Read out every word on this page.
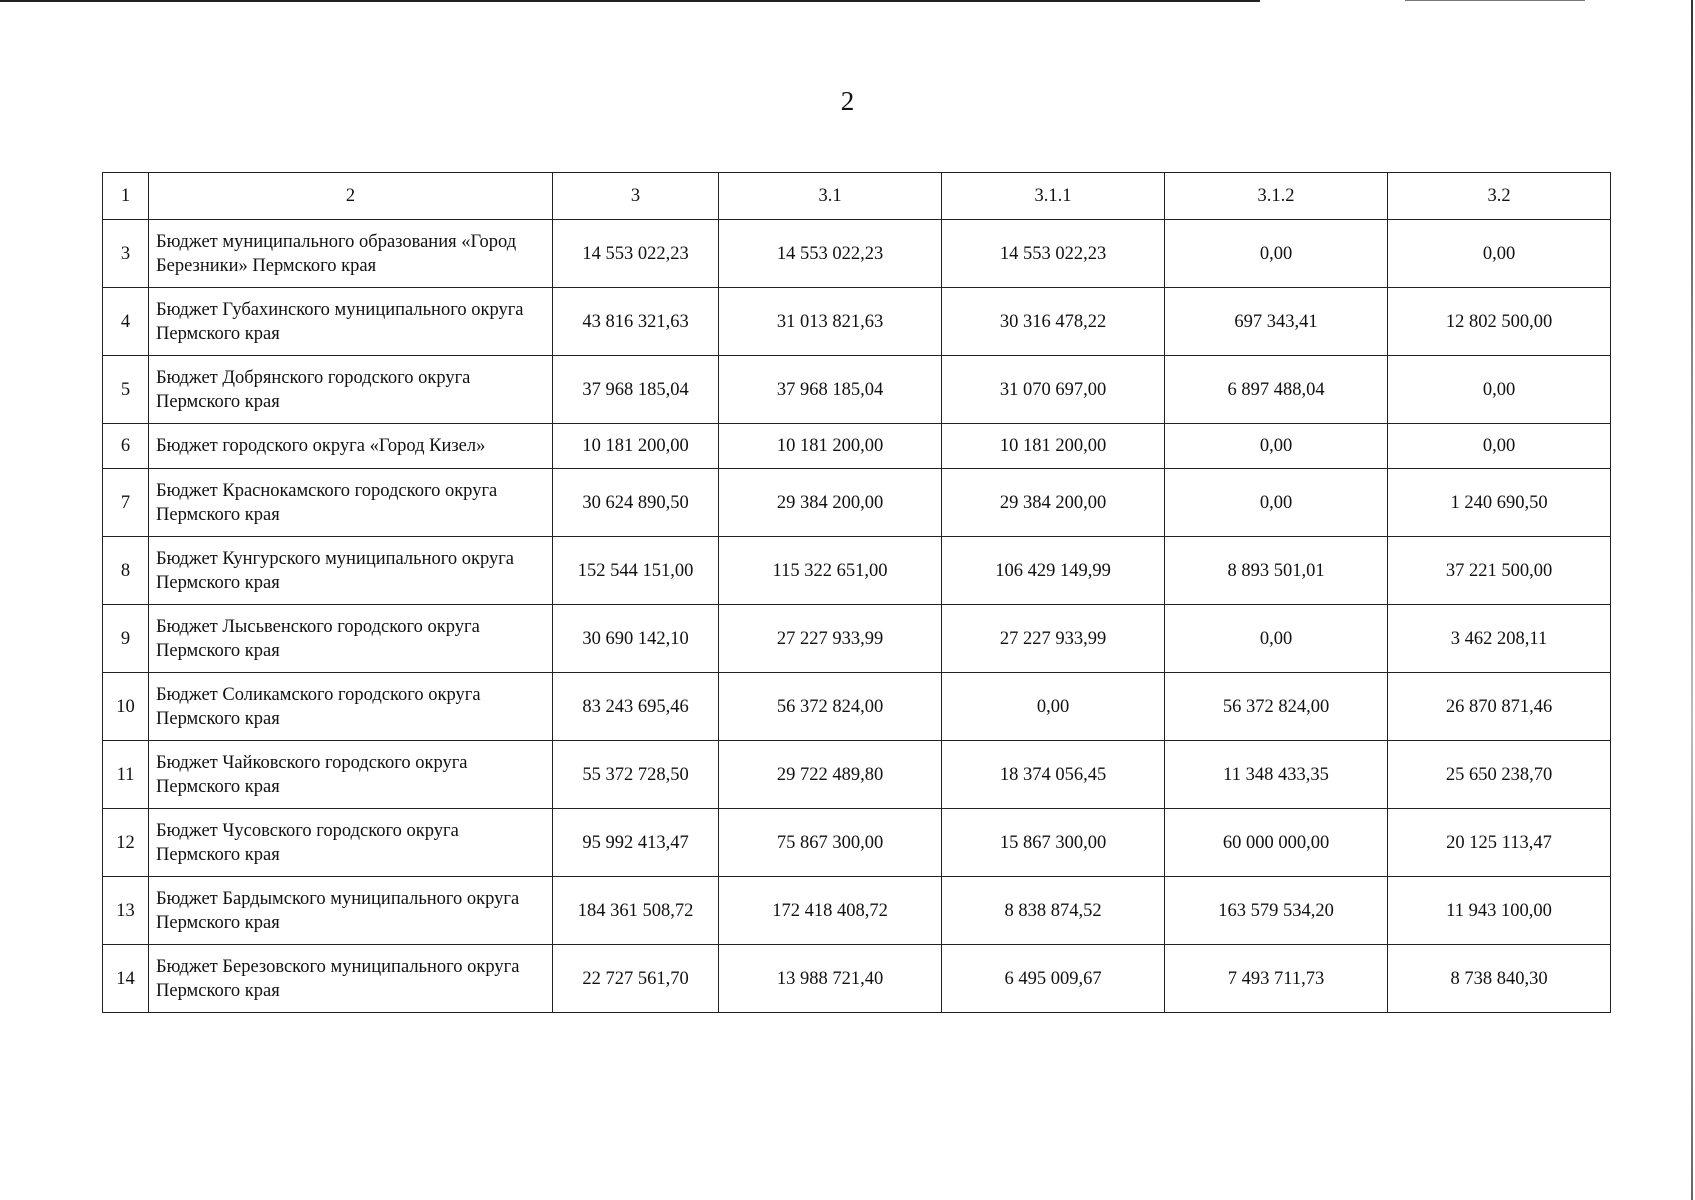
2
1	2	3	3.1	3.1.1	3.1.2	3.2
3	Бюджет муниципального образования «Город Березники» Пермского края	14 553 022,23	14 553 022,23	14 553 022,23	0,00	0,00
4	Бюджет Губахинского муниципального округа Пермского края	43 816 321,63	31 013 821,63	30 316 478,22	697 343,41	12 802 500,00
5	Бюджет Добрянского городского округа Пермского края	37 968 185,04	37 968 185,04	31 070 697,00	6 897 488,04	0,00
6	Бюджет городского округа «Город Кизел»	10 181 200,00	10 181 200,00	10 181 200,00	0,00	0,00
7	Бюджет Краснокамского городского округа Пермского края	30 624 890,50	29 384 200,00	29 384 200,00	0,00	1 240 690,50
8	Бюджет Кунгурского муниципального округа Пермского края	152 544 151,00	115 322 651,00	106 429 149,99	8 893 501,01	37 221 500,00
9	Бюджет Лысьвенского городского округа Пермского края	30 690 142,10	27 227 933,99	27 227 933,99	0,00	3 462 208,11
10	Бюджет Соликамского городского округа Пермского края	83 243 695,46	56 372 824,00	0,00	56 372 824,00	26 870 871,46
11	Бюджет Чайковского городского округа Пермского края	55 372 728,50	29 722 489,80	18 374 056,45	11 348 433,35	25 650 238,70
12	Бюджет Чусовского городского округа Пермского края	95 992 413,47	75 867 300,00	15 867 300,00	60 000 000,00	20 125 113,47
13	Бюджет Бардымского муниципального округа Пермского края	184 361 508,72	172 418 408,72	8 838 874,52	163 579 534,20	11 943 100,00
14	Бюджет Березовского муниципального округа Пермского края	22 727 561,70	13 988 721,40	6 495 009,67	7 493 711,73	8 738 840,30
